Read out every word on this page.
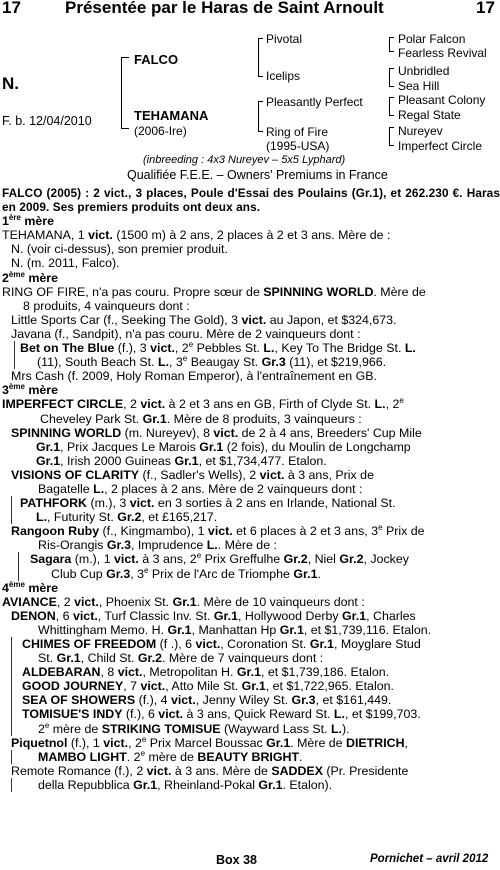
17	Présentée par le Haras de Saint Arnoult	17
N.
F. b. 12/04/2010
FALCO
TEHAMANA
(2006-Ire)
Pivotal
Icelips
Pleasantly Perfect
Ring of Fire
(1995-USA)
Polar Falcon
Fearless Revival
Unbridled
Sea Hill
Pleasant Colony
Regal State
Nureyev
Imperfect Circle
(inbreeding : 4x3 Nureyev – 5x5 Lyphard)
Qualifiée F.E.E. – Owners' Premiums in France

FALCO (2005) : 2 vict., 3 places, Poule d'Essai des Poulains (Gr.1), et 262.230 €. Haras en 2009. Ses premiers produits ont deux ans.

1ère mère

TEHAMANA, 1 vict. (1500 m) à 2 ans, 2 places à 2 et 3 ans. Mère de :

N. (voir ci-dessus), son premier produit.

N. (m. 2011, Falco).

2ème mère

RING OF FIRE, n'a pas couru. Propre sœur de SPINNING WORLD. Mère de

8 produits, 4 vainqueurs dont :

Little Sports Car (f., Seeking The Gold), 3 vict. au Japon, et $324,673.

Javana (f., Sandpit), n'a pas couru. Mère de 2 vainqueurs dont :

Bet on The Blue (f.), 3 vict., 2e Pebbles St. L., Key To The Bridge St. L.

(11), South Beach St. L., 3e Beaugay St. Gr.3 (11), et $219,966.

Mrs Cash (f. 2009, Holy Roman Emperor), à l'entraînement en GB.

3ème mère

IMPERFECT CIRCLE, 2 vict. à 2 et 3 ans en GB, Firth of Clyde St. L., 2e

Cheveley Park St. Gr.1. Mère de 8 produits, 3 vainqueurs :

SPINNING WORLD (m. Nureyev), 8 vict. de 2 à 4 ans, Breeders' Cup Mile

Gr.1, Prix Jacques Le Marois Gr.1 (2 fois), du Moulin de Longchamp

Gr.1, Irish 2000 Guineas Gr.1, et $1,734,477. Etalon.

VISIONS OF CLARITY (f., Sadler's Wells), 2 vict. à 3 ans, Prix de

Bagatelle L., 2 places à 2 ans. Mère de 2 vainqueurs dont :

PATHFORK (m.), 3 vict. en 3 sorties à 2 ans en Irlande, National St.

L., Futurity St. Gr.2, et £165,217.

Rangoon Ruby (f., Kingmambo), 1 vict. et 6 places à 2 et 3 ans, 3e Prix de

Ris-Orangis Gr.3, Imprudence L.. Mère de :

Sagara (m.), 1 vict. à 3 ans, 2e Prix Greffulhe Gr.2, Niel Gr.2, Jockey

Club Cup Gr.3, 3e Prix de l'Arc de Triomphe Gr.1.

4ème mère

AVIANCE, 2 vict., Phoenix St. Gr.1. Mère de 10 vainqueurs dont :

DENON, 6 vict., Turf Classic Inv. St. Gr.1, Hollywood Derby Gr.1, Charles

Whittingham Memo. H. Gr.1, Manhattan Hp Gr.1, et $1,739,116. Etalon.

CHIMES OF FREEDOM (f .), 6 vict., Coronation St. Gr.1, Moyglare Stud

St. Gr.1, Child St. Gr.2. Mère de 7 vainqueurs dont :

ALDEBARAN, 8 vict., Metropolitan H. Gr.1, et $1,739,186. Etalon.

GOOD JOURNEY, 7 vict., Atto Mile St. Gr.1, et $1,722,965. Etalon.

SEA OF SHOWERS (f.), 4 vict., Jenny Wiley St. Gr.3, et $161,449.

TOMISUE'S INDY (f.), 6 vict. à 3 ans, Quick Reward St. L., et $199,703.

2e mère de STRIKING TOMISUE (Wayward Lass St. L.).

Piquetnol (f.), 1 vict., 2e Prix Marcel Boussac Gr.1. Mère de DIETRICH,

MAMBO LIGHT. 2e mère de BEAUTY BRIGHT.

Remote Romance (f.), 2 vict. à 3 ans. Mère de SADDEX (Pr. Presidente

della Repubblica Gr.1, Rheinland-Pokal Gr.1. Etalon).

Box 38	Pornichet – avril 2012
